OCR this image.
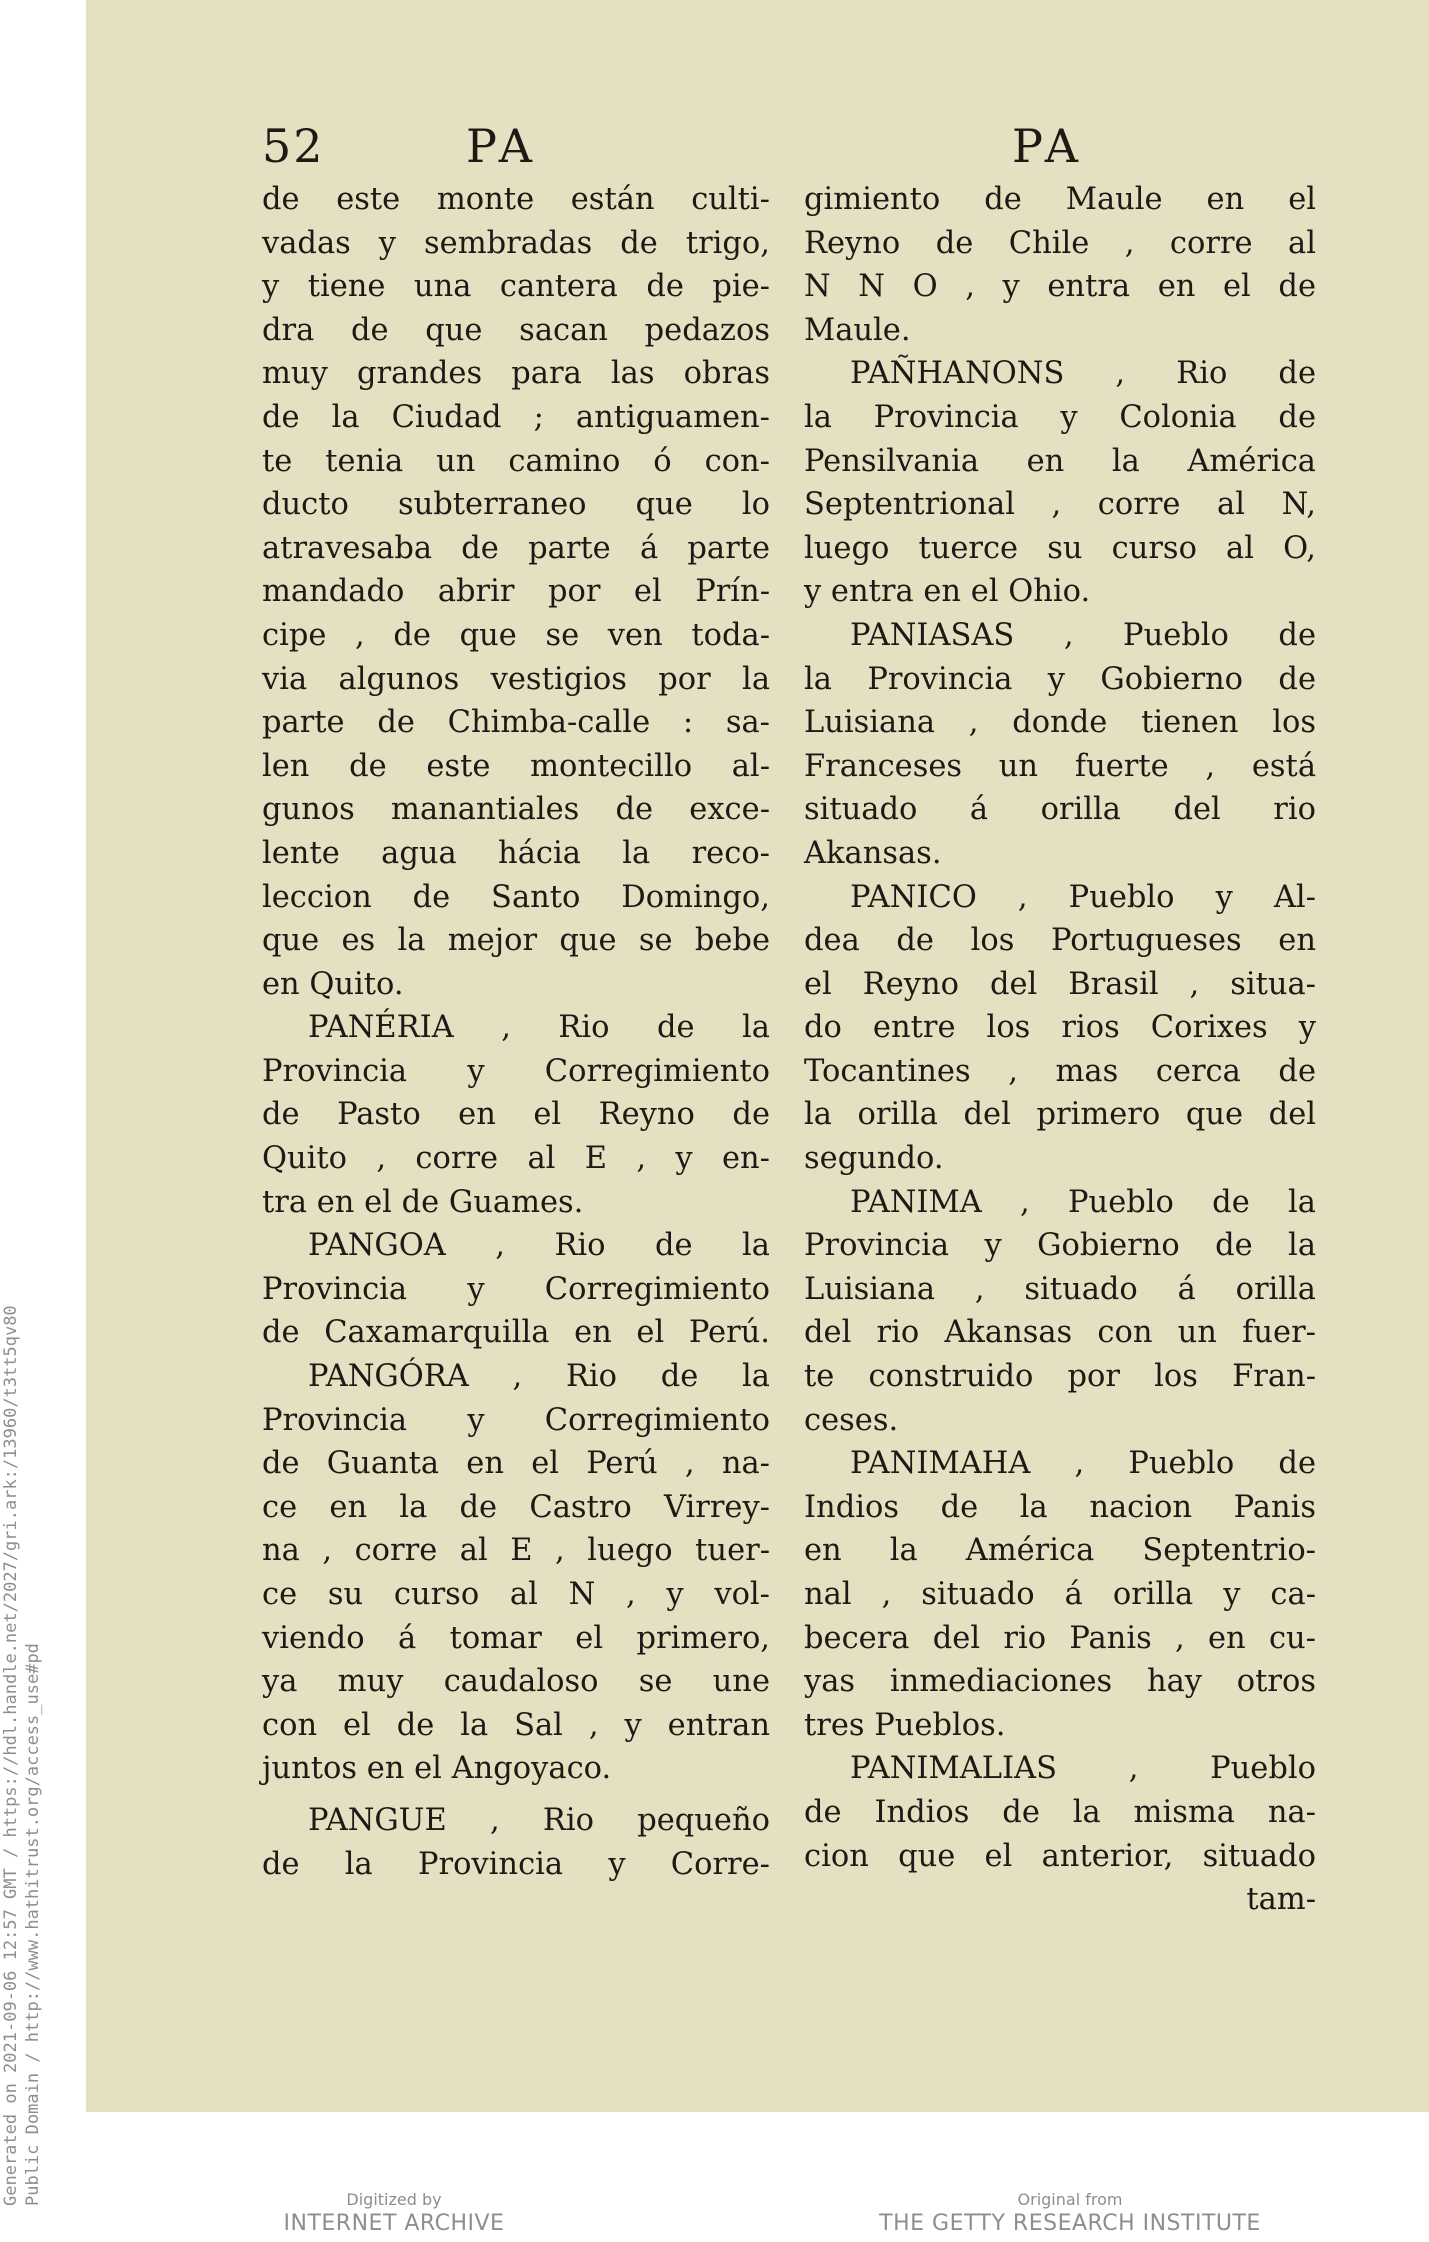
Generated on 2021-09-06 12:57 GMT / https://hdl.handle.net/2027/gri.ark:/13960/t3tt5qv80 Public Domain / http://www.hathitrust.org/access_use#pd
52	PA	PA
de este monte están culti-
vadas y sembradas de trigo,
y tiene una cantera de pie-
dra de que sacan pedazos
muy grandes para las obras
de la Ciudad ; antiguamen-
te tenia un camino ó con-
ducto subterraneo que lo
atravesaba de parte á parte
mandado abrir por el Prín-
cipe , de que se ven toda-
via algunos vestigios por la
parte de Chimba-calle : sa-
len de este montecillo al-
gunos manantiales de exce-
lente agua hácia la reco-
leccion de Santo Domingo,
que es la mejor que se bebe
en Quito.
PANÉRIA , Rio de la
Provincia y Corregimiento
de Pasto en el Reyno de
Quito , corre al E , y en-
tra en el de Guames.
PANGOA , Rio de la
Provincia y Corregimiento
de Caxamarquilla en el Perú.
PANGÓRA , Rio de la
Provincia y Corregimiento
de Guanta en el Perú , na-
ce en la de Castro Virrey-
na , corre al E , luego tuer-
ce su curso al N , y vol-
viendo á tomar el primero,
ya muy caudaloso se une
con el de la Sal , y entran
juntos en el Angoyaco.
PANGUE , Rio pequeño
de la Provincia y Corre-
gimiento de Maule en el
Reyno de Chile , corre al
N N O , y entra en el de
Maule.
PAÑHANONS , Rio de
la Provincia y Colonia de
Pensilvania en la América
Septentrional , corre al N,
luego tuerce su curso al O,
y entra en el Ohio.
PANIASAS , Pueblo de
la Provincia y Gobierno de
Luisiana , donde tienen los
Franceses un fuerte , está
situado á orilla del rio
Akansas.
PANICO , Pueblo y Al-
dea de los Portugueses en
el Reyno del Brasil , situa-
do entre los rios Corixes y
Tocantines , mas cerca de
la orilla del primero que del
segundo.
PANIMA , Pueblo de la
Provincia y Gobierno de la
Luisiana , situado á orilla
del rio Akansas con un fuer-
te construido por los Fran-
ceses.
PANIMAHA , Pueblo de
Indios de la nacion Panis
en la América Septentrio-
nal , situado á orilla y ca-
becera del rio Panis , en cu-
yas inmediaciones hay otros
tres Pueblos.
PANIMALIAS , Pueblo
de Indios de la misma na-
cion que el anterior, situado
tam-
Digitized by
INTERNET ARCHIVE
Original from
THE GETTY RESEARCH INSTITUTE
